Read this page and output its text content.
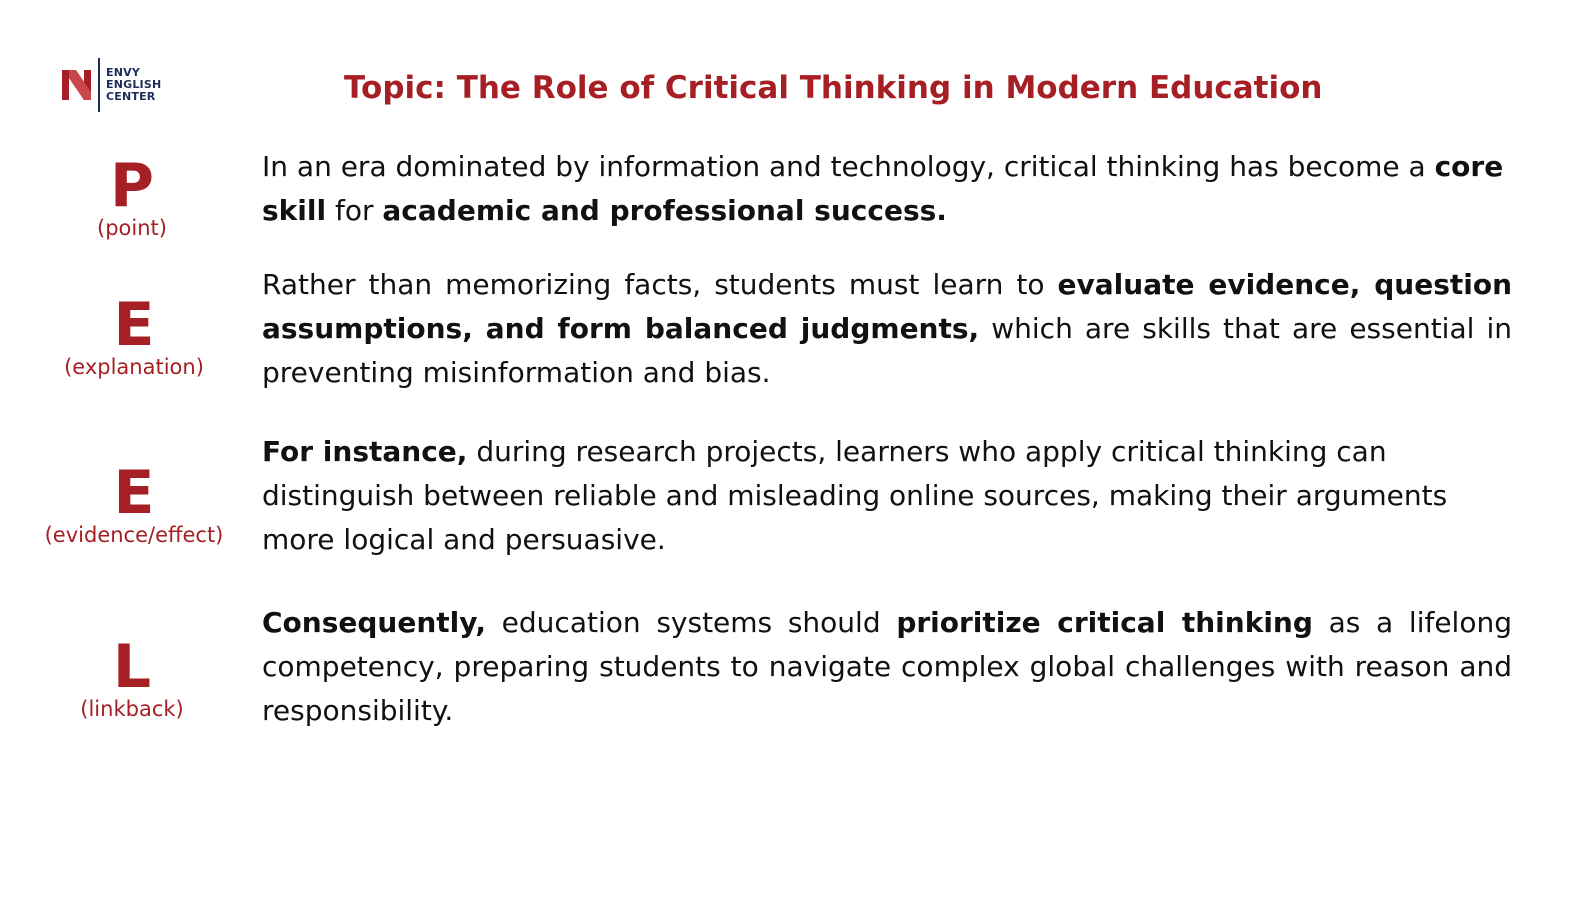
ENVY
ENGLISH
CENTER	Topic: The Role of Critical Thinking in Modern Education
P
(point)
In an era dominated by information and technology, critical thinking has become a core skill for academic and professional success.
E
(explanation)
Rather than memorizing facts, students must learn to evaluate evidence, question assumptions, and form balanced judgments, which are skills that are essential in preventing misinformation and bias.
E
(evidence/effect)
For instance, during research projects, learners who apply critical thinking can distinguish between reliable and misleading online sources, making their arguments more logical and persuasive.
L
(linkback)
Consequently, education systems should prioritize critical thinking as a lifelong competency, preparing students to navigate complex global challenges with reason and responsibility.
